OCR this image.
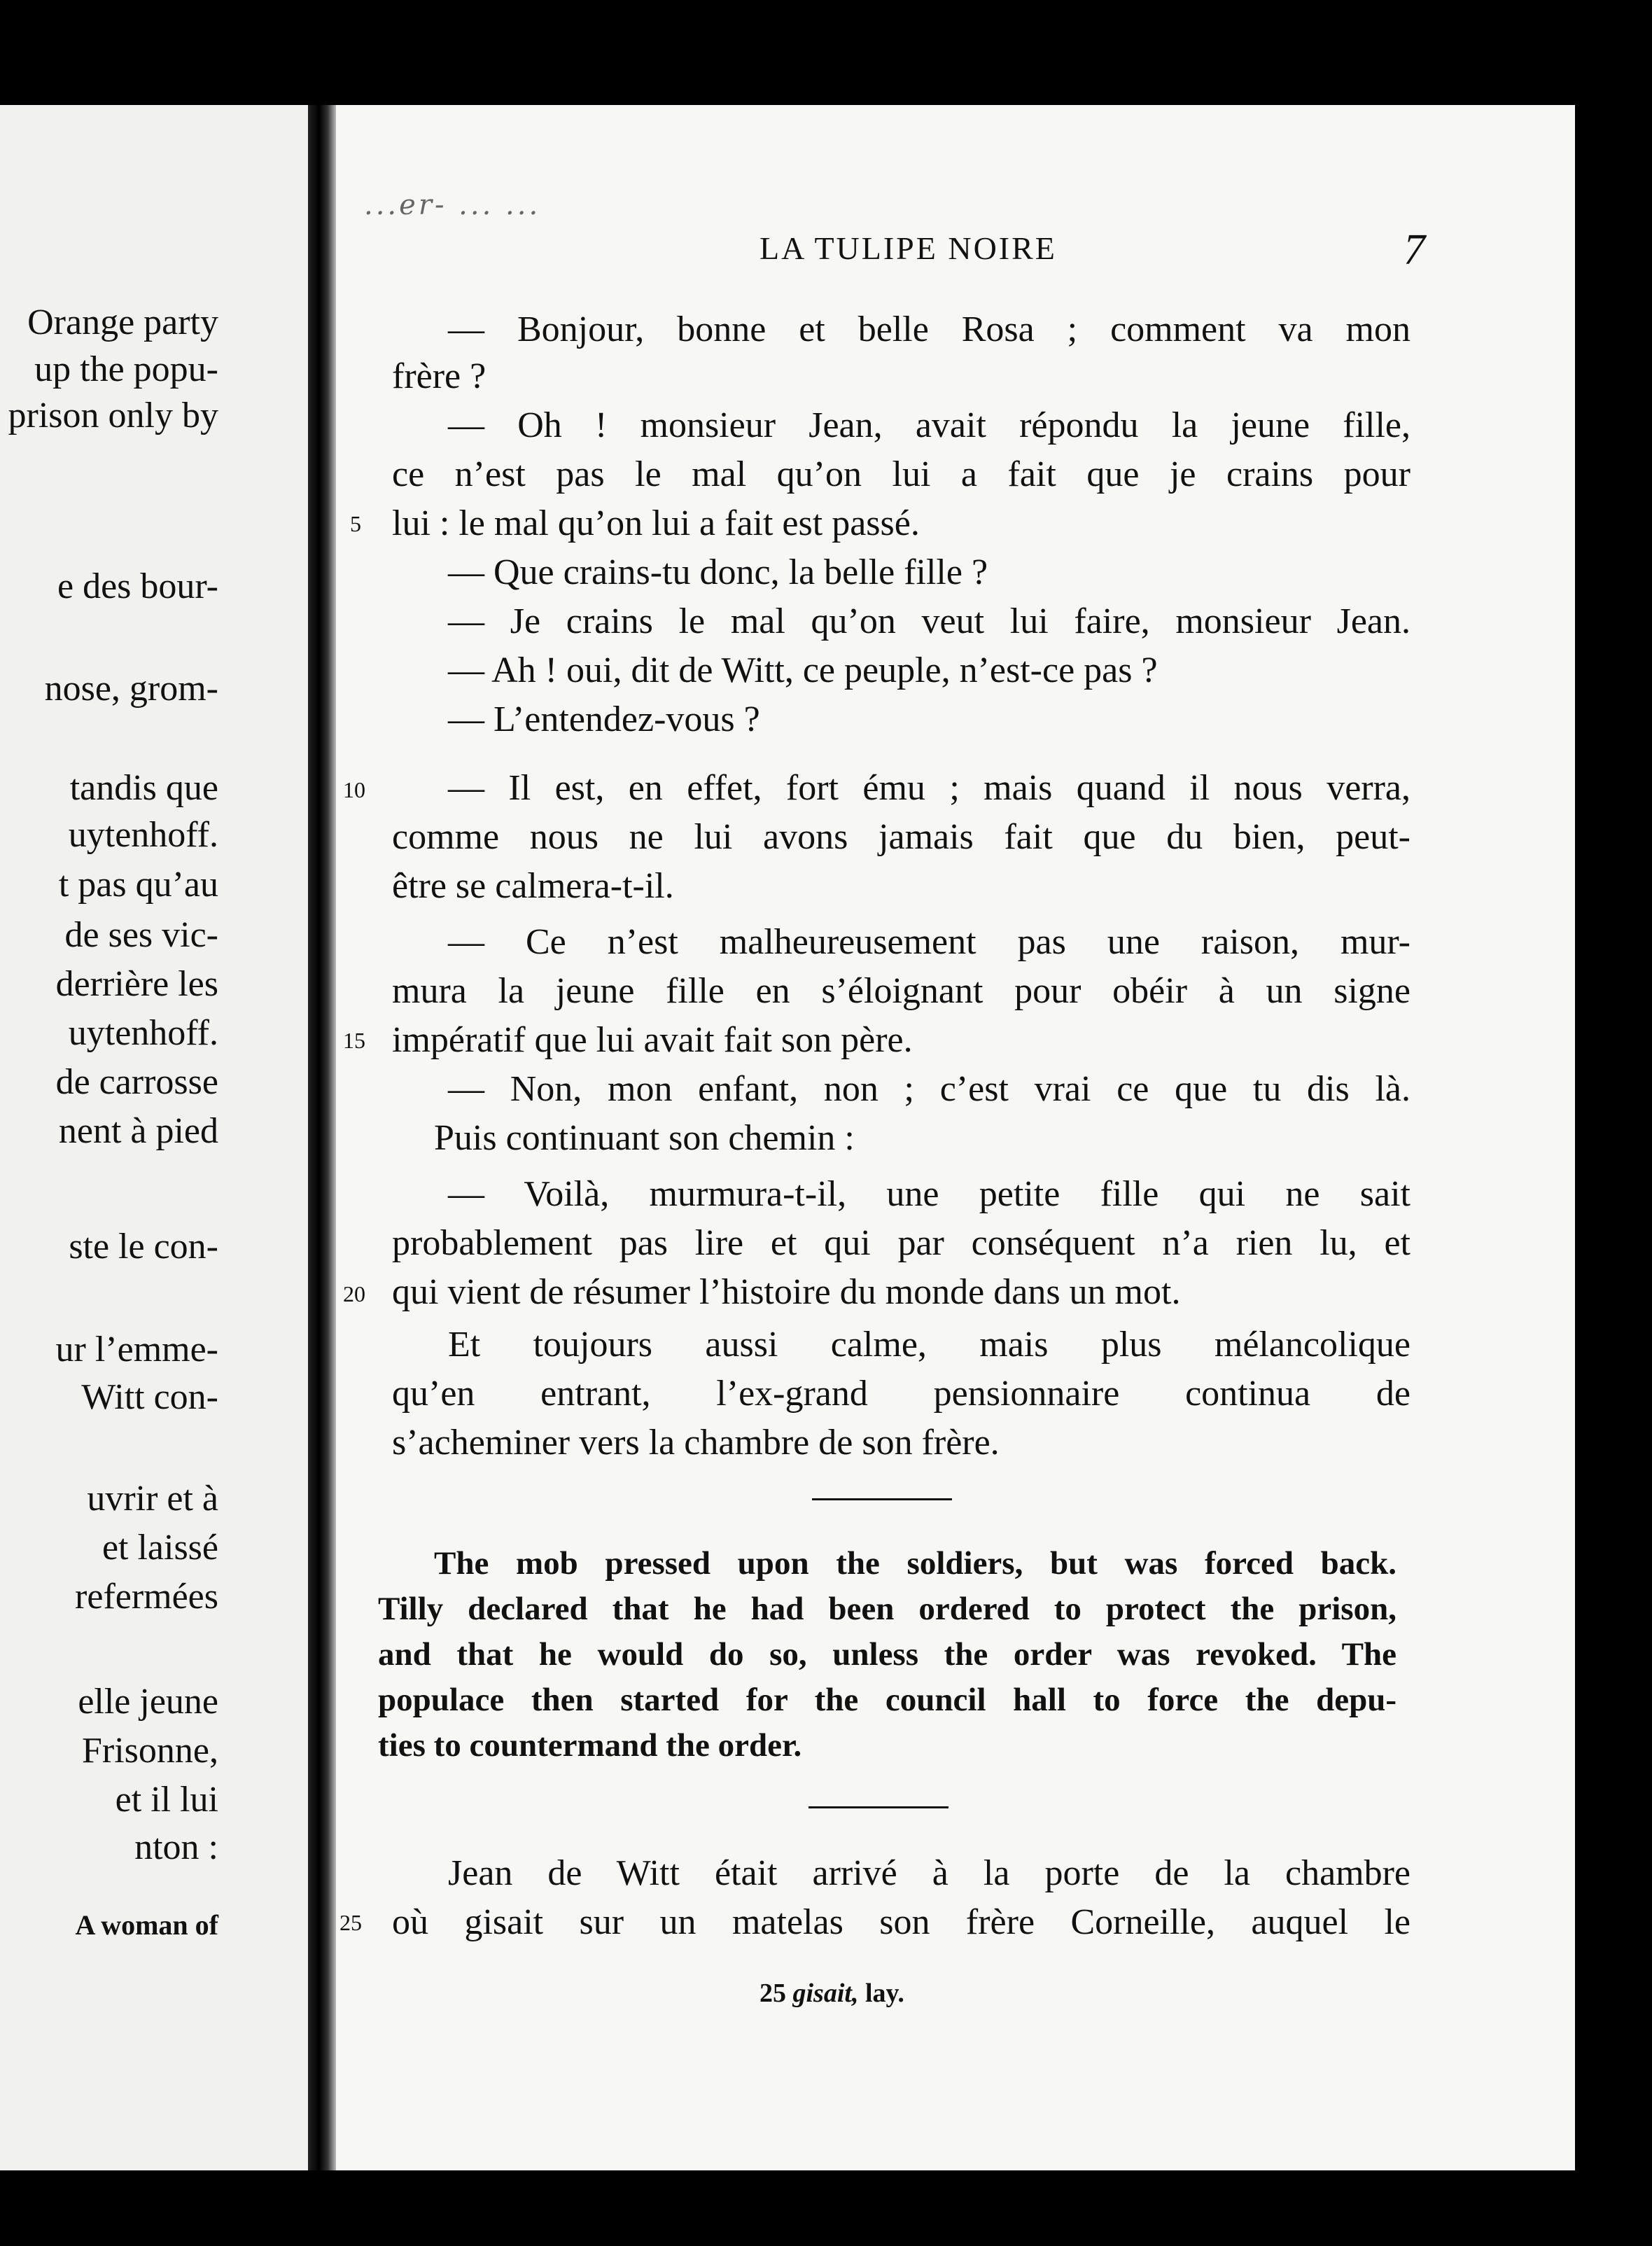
Orange party
up the popu-
prison only by
e des bour-
nose, grom-
tandis que
uytenhoff.
t pas qu’au
de ses vic-
derrière les
uytenhoff.
de carrosse
nent à pied
ste le con-
ur l’emme-
Witt con-
uvrir et à
et laissé
refermées
elle jeune
Frisonne,
et il lui
nton :
A woman of
...er- ... ...
LA TULIPE NOIRE	7
— Bonjour, bonne et belle Rosa ; comment va mon
frère ?
— Oh ! monsieur Jean, avait répondu la jeune fille,
ce n’est pas le mal qu’on lui a fait que je crains pour
5 lui : le mal qu’on lui a fait est passé.
— Que crains-tu donc, la belle fille ?
— Je crains le mal qu’on veut lui faire, monsieur Jean.
— Ah ! oui, dit de Witt, ce peuple, n’est-ce pas ?
— L’entendez-vous ?
10	— Il est, en effet, fort ému ; mais quand il nous verra,
comme nous ne lui avons jamais fait que du bien, peut-
être se calmera-t-il.
— Ce n’est malheureusement pas une raison, mur-
mura la jeune fille en s’éloignant pour obéir à un signe
15 impératif que lui avait fait son père.
— Non, mon enfant, non ; c’est vrai ce que tu dis là.
Puis continuant son chemin :
— Voilà, murmura-t-il, une petite fille qui ne sait
probablement pas lire et qui par conséquent n’a rien lu, et
20 qui vient de résumer l’histoire du monde dans un mot.
Et toujours aussi calme, mais plus mélancolique
qu’en entrant, l’ex-grand pensionnaire continua de
s’acheminer vers la chambre de son frère.
The mob pressed upon the soldiers, but was forced back.
Tilly declared that he had been ordered to protect the prison,
and that he would do so, unless the order was revoked. The
populace then started for the council hall to force the depu-
ties to countermand the order.
Jean de Witt était arrivé à la porte de la chambre
25 où gisait sur un matelas son frère Corneille, auquel le
25 gisait, lay.
